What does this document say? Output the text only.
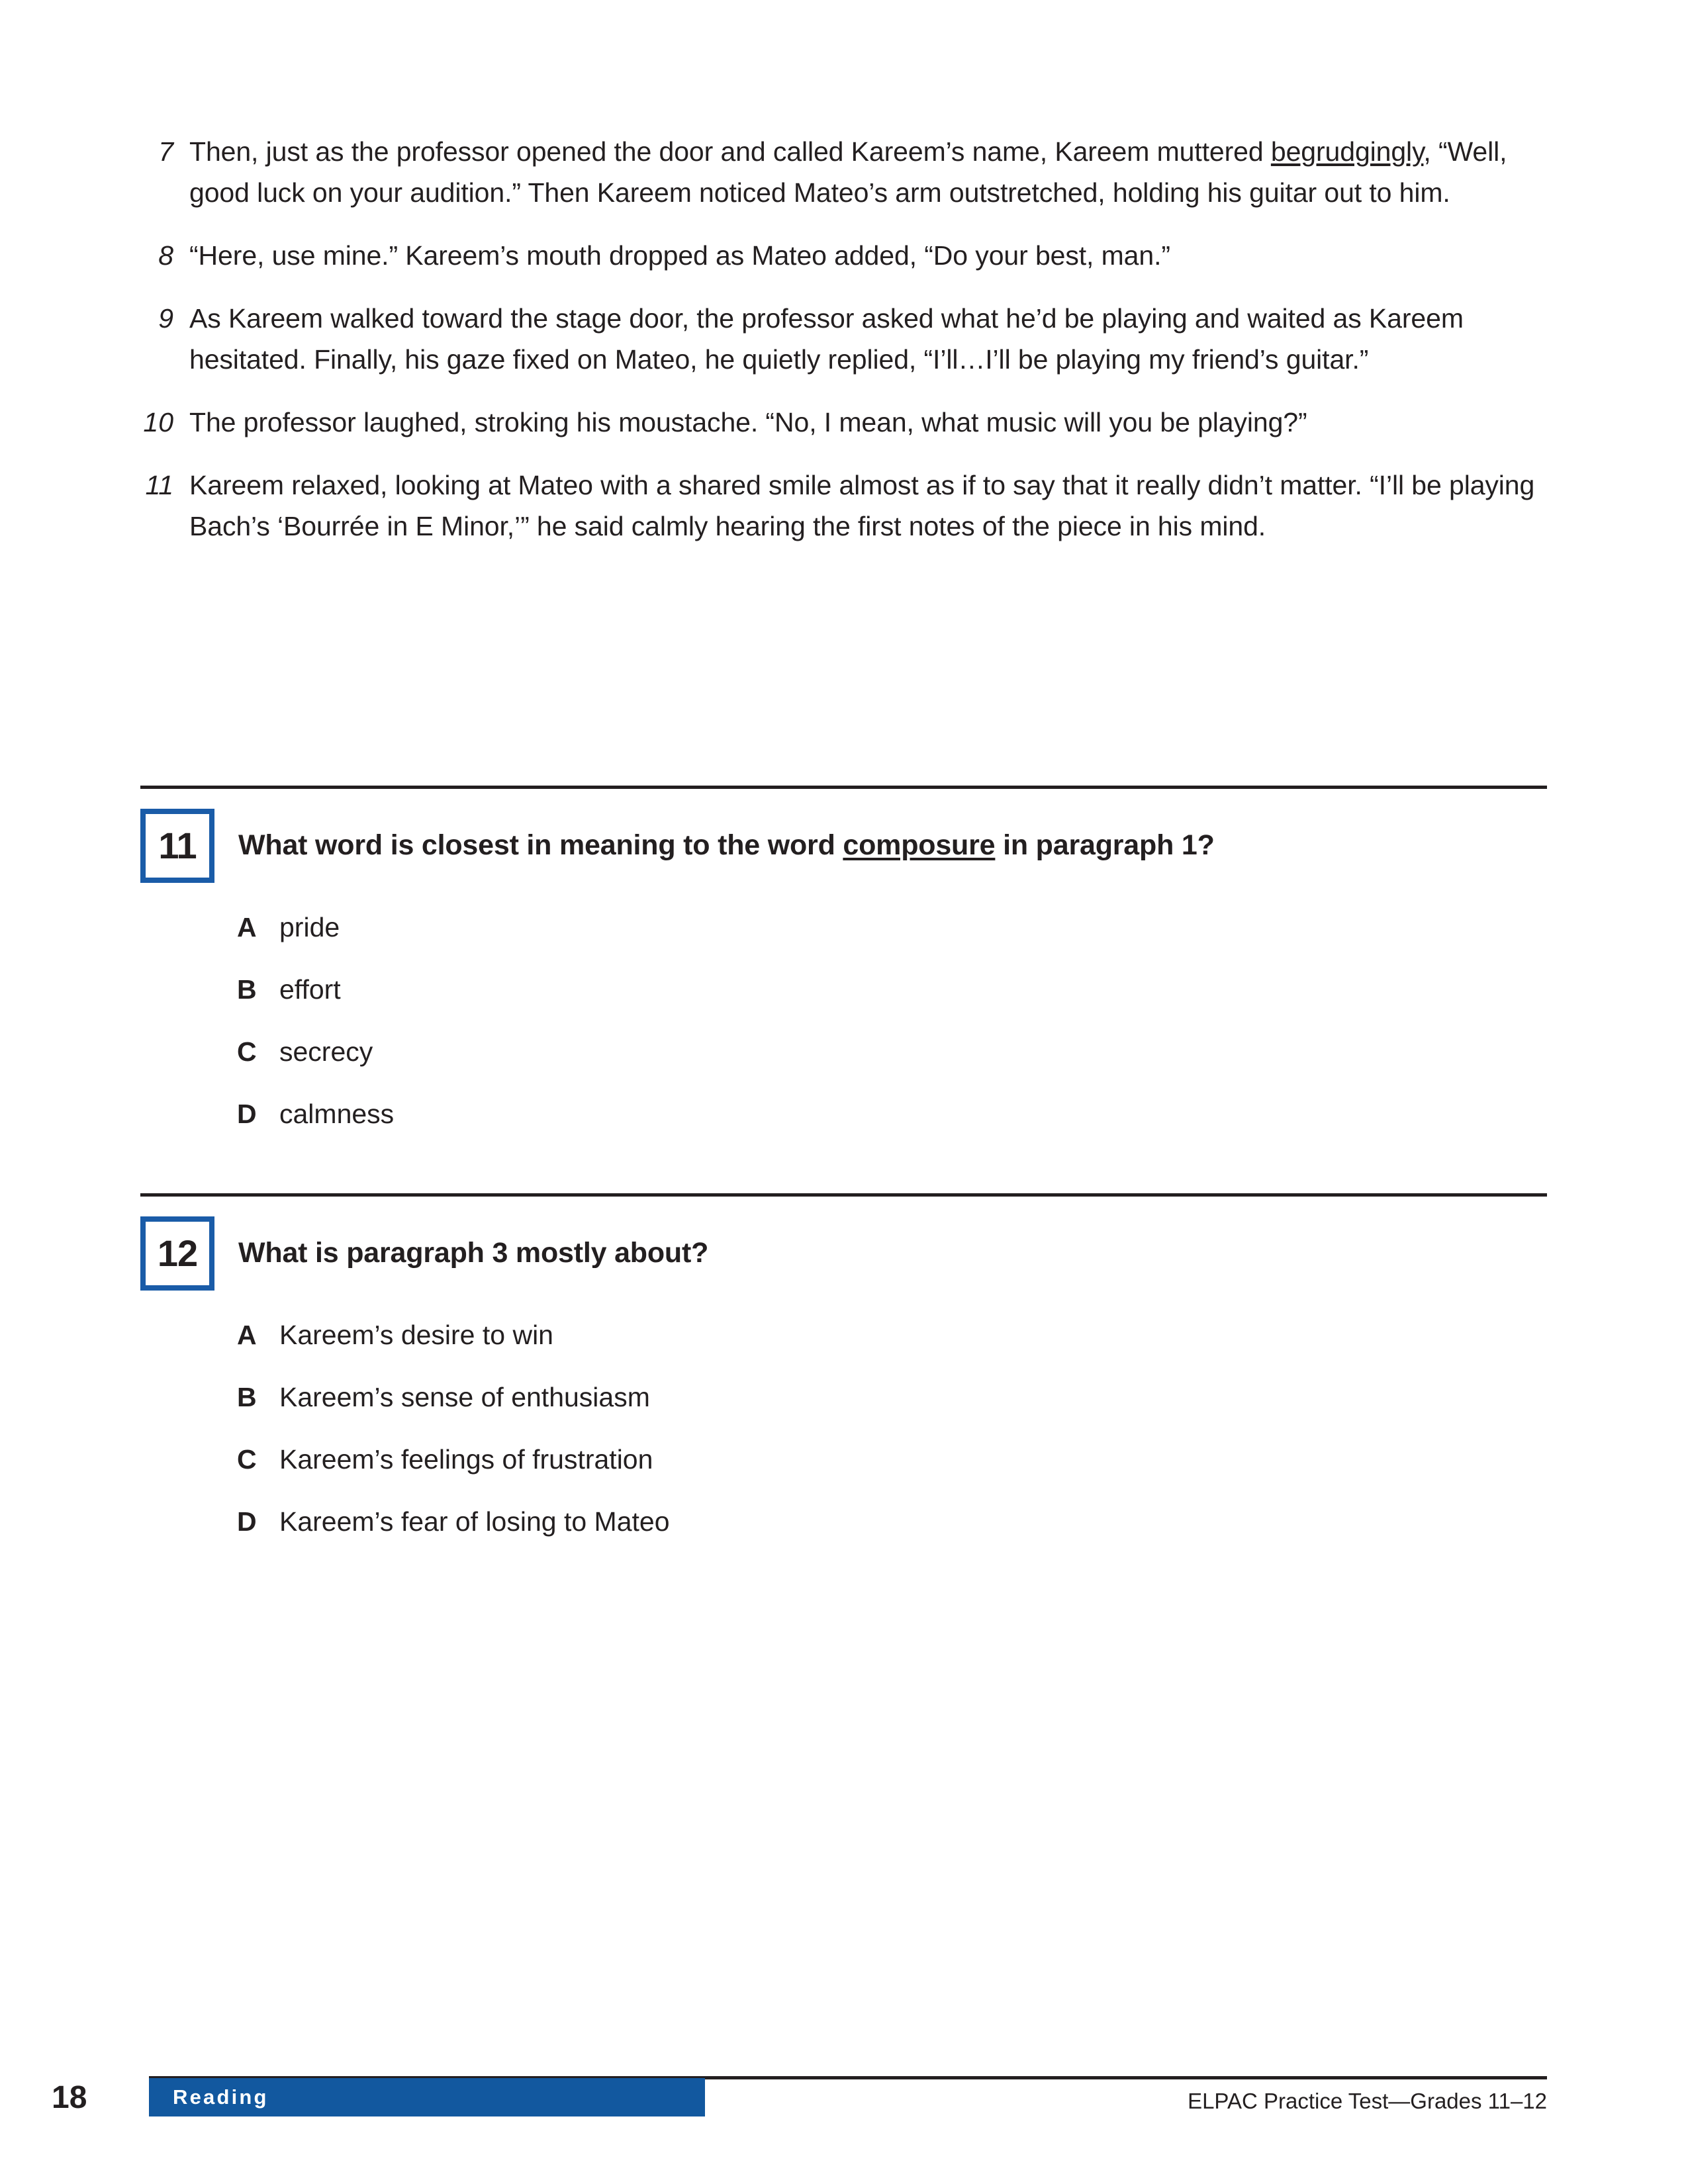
7 Then, just as the professor opened the door and called Kareem’s name, Kareem muttered begrudgingly, “Well, good luck on your audition.” Then Kareem noticed Mateo’s arm outstretched, holding his guitar out to him.
8 “Here, use mine.” Kareem’s mouth dropped as Mateo added, “Do your best, man.”
9 As Kareem walked toward the stage door, the professor asked what he’d be playing and waited as Kareem hesitated. Finally, his gaze fixed on Mateo, he quietly replied, “I’ll…I’ll be playing my friend’s guitar.”
10 The professor laughed, stroking his moustache. “No, I mean, what music will you be playing?”
11 Kareem relaxed, looking at Mateo with a shared smile almost as if to say that it really didn’t matter. “I’ll be playing Bach’s ‘Bourrée in E Minor,’” he said calmly hearing the first notes of the piece in his mind.
11	What word is closest in meaning to the word composure in paragraph 1?
A pride
B effort
C secrecy
D calmness
12	What is paragraph 3 mostly about?
A Kareem’s desire to win
B Kareem’s sense of enthusiasm
C Kareem’s feelings of frustration
D Kareem’s fear of losing to Mateo
18	Reading	ELPAC Practice Test—Grades 11–12
